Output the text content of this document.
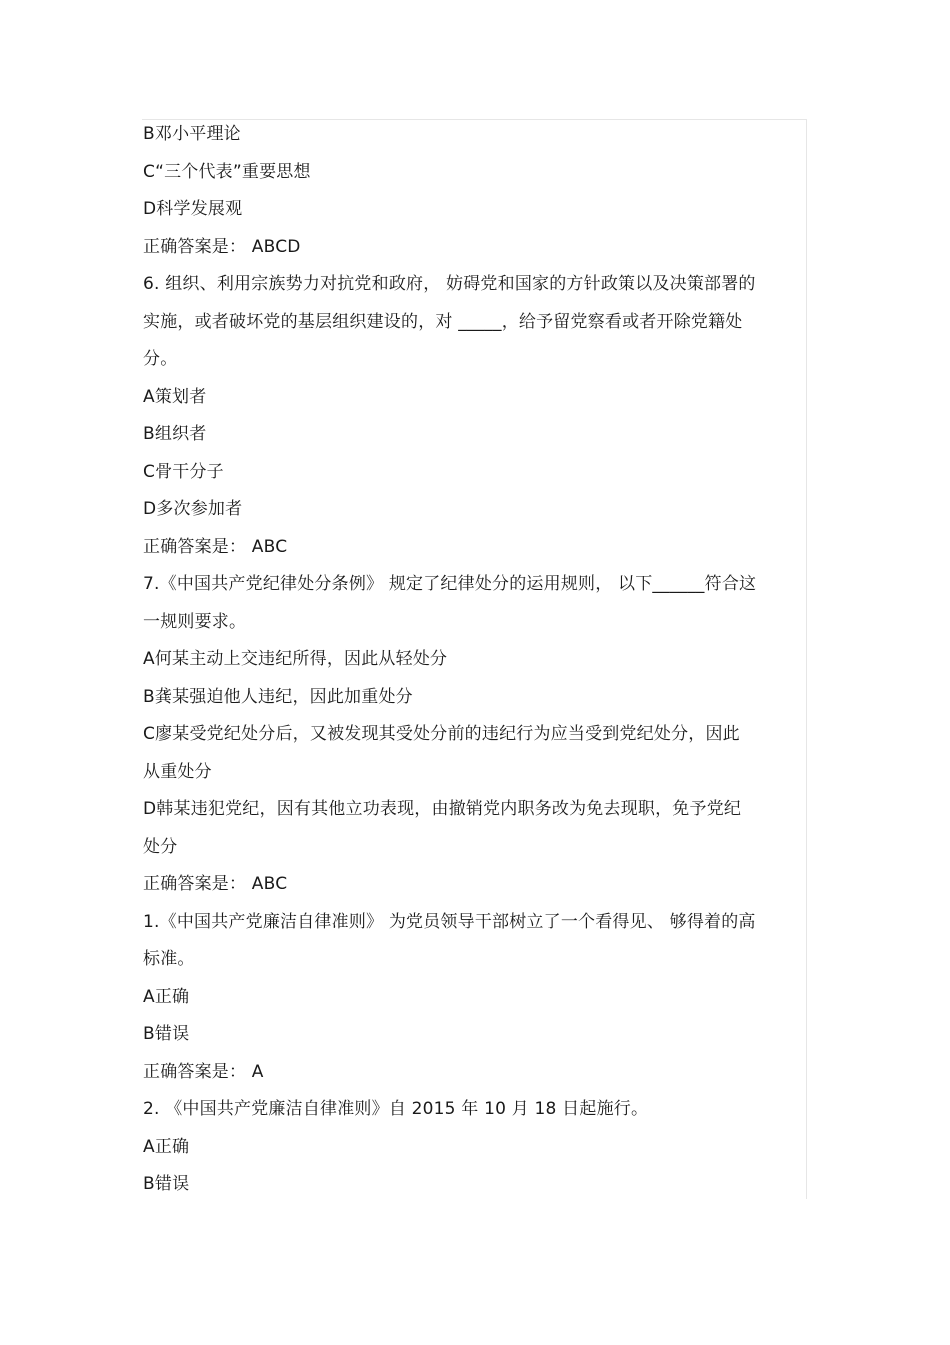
B邓小平理论
C“三个代表”重要思想
D科学发展观
正确答案是： ABCD
6. 组织、利用宗族势力对抗党和政府， 妨碍党和国家的方针政策以及决策部署的
实施，或者破坏党的基层组织建设的，对 _____，给予留党察看或者开除党籍处
分。
A策划者
B组织者
C骨干分子
D多次参加者
正确答案是： ABC
7.《中国共产党纪律处分条例》 规定了纪律处分的运用规则， 以下______符合这
一规则要求。
A何某主动上交违纪所得，因此从轻处分
B龚某强迫他人违纪，因此加重处分
C廖某受党纪处分后，又被发现其受处分前的违纪行为应当受到党纪处分，因此
从重处分
D韩某违犯党纪，因有其他立功表现，由撤销党内职务改为免去现职，免予党纪
处分
正确答案是： ABC
1.《中国共产党廉洁自律准则》 为党员领导干部树立了一个看得见、 够得着的高
标准。
A正确
B错误
正确答案是： A
2. 《中国共产党廉洁自律准则》自 2015 年 10 月 18 日起施行。
A正确
B错误
